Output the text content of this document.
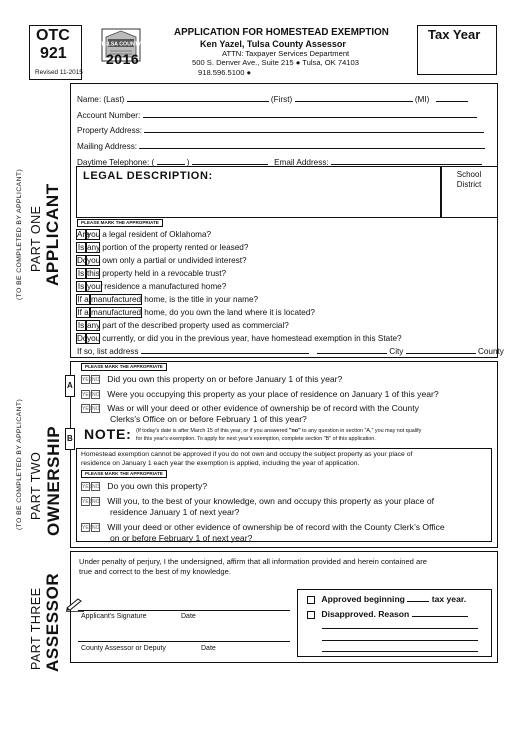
OTC
921
Revised 11-2015
TULSA COUNTY
2016
APPLICATION FOR HOMESTEAD EXEMPTION
Ken Yazel, Tulsa County Assessor
ATTN: Taxpayer Services Department
500 S. Denver Ave., Suite 215 ● Tulsa, OK 74103
918.596.5100 ●
Tax Year
(TO BE COMPLETED BY APPLICANT) PART ONE APPLICANT
Name: (Last)	(First)	(MI)
Account Number:
Property Address:
Mailing Address:
Daytime Telephone: (	)	Email Address:
LEGAL DESCRIPTION:	School District
PLEASE MARK THE APPROPRIATE
Areyou a legal resident of Oklahoma?
Is any portion of the property rented or leased?
Doyou own only a partial or undivided interest?
Is this property held in a revocable trust?
Is your residence a manufactured home?
If a manufactured home, is the title in your name?
If a manufactured home, do you own the land where it is located?
Is any part of the described property used as commercial?
Doyou currently, or did you in the previous year, have homestead exemption in this State?
If so, list address	City	County
(TO BE COMPLETED BY APPLICANT) PART TWO OWNERSHIP
A
PLEASE MARK THE APPROPRIATE
YESNO Did you own this property on or before January 1 of this year?
YESNO Were you occupying this property as your place of residence on January 1 of this year?
YESNO Was or will your deed or other evidence of ownership be of record with the County
Clerks's Office on or before February 1 of this year?
NOTE: (If today's date is after March 15 of this year, or if you answered "no" to any question in section "A," you may not qualify
for this year's exemption. To apply for next year's exemption, complete section "B" of this application.
B
Homestead exemption cannot be approved if you do not own and occupy the subject property as your place of
residence on January 1 each year the exemption is applied, including the year of application.
PLEASE MARK THE APPROPRIATE
YESNO Do you own this property?
YESNO Will you, to the best of your knowledge, own and occupy this property as your place of
residence January 1 of next year?
YESNO Will your deed or other evidence of ownership be of record with the County Clerk’s Office
on or before February 1 of next year?
PART THREE ASSESSOR
Under penalty of perjury, I the undersigned, affirm that all information provided and herein contained are
true and correct to the best of my knowledge.
Applicant's Signature	Date
County Assessor or Deputy	Date
Approved beginning	tax year.
Disapproved. Reason
